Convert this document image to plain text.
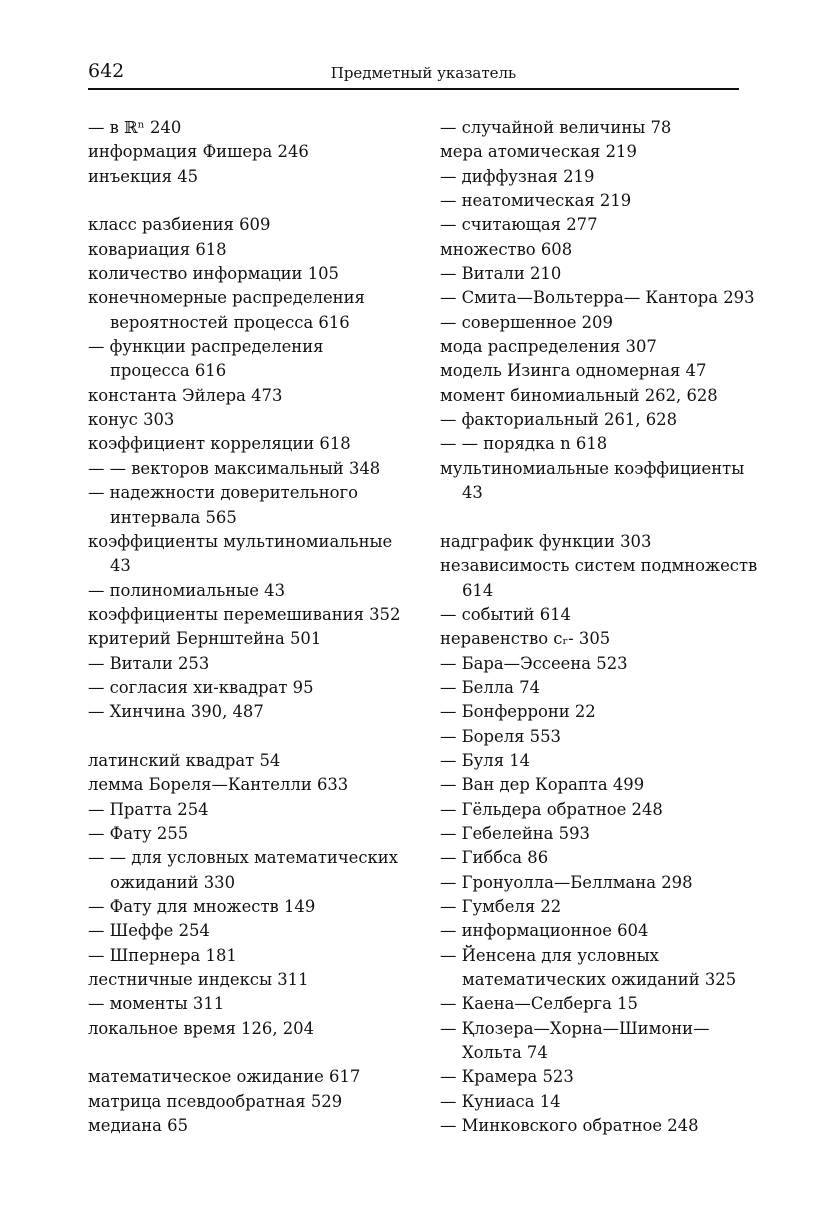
642	Предметный указатель
— в ℝⁿ 240
информация Фишера 246
инъекция 45
класс разбиения 609
ковариация 618
количество информации 105
конечномерные распределения
вероятностей процесса 616
— функции распределения
процесса 616
константа Эйлера 473
конус 303
коэффициент корреляции 618
— — векторов максимальный 348
— надежности доверительного
интервала 565
коэффициенты мультиномиальные
43
— полиномиальные 43
коэффициенты перемешивания 352
критерий Бернштейна 501
— Витали 253
— согласия хи-квадрат 95
— Хинчина 390, 487
латинский квадрат 54
лемма Бореля—Кантелли 633
— Пратта 254
— Фату 255
— — для условных математических
ожиданий 330
— Фату для множеств 149
— Шеффе 254
— Шпернера 181
лестничные индексы 311
— моменты 311
локальное время 126, 204
математическое ожидание 617
матрица псевдообратная 529
медиана 65
— случайной величины 78
мера атомическая 219
— диффузная 219
— неатомическая 219
— считающая 277
множество 608
— Витали 210
— Смита—Вольтерра— Кантора 293
— совершенное 209
мода распределения 307
модель Изинга одномерная 47
момент биномиальный 262, 628
— факториальный 261, 628
— — порядка n 618
мультиномиальные коэффициенты
43
надграфик функции 303
независимость систем подмножеств
614
— событий 614
неравенство cᵣ- 305
— Бара—Эссеена 523
— Белла 74
— Бонферрони 22
— Бореля 553
— Буля 14
— Ван дер Корапта 499
— Гёльдера обратное 248
— Гебелейна 593
— Гиббса 86
— Гронуолла—Беллмана 298
— Гумбеля 22
— информационное 604
— Йенсена для условных
математических ожиданий 325
— Каена—Селберга 15
— Қлозера—Хорна—Шимони—
Хольта 74
— Крамера 523
— Куниаса 14
— Минковского обратное 248
